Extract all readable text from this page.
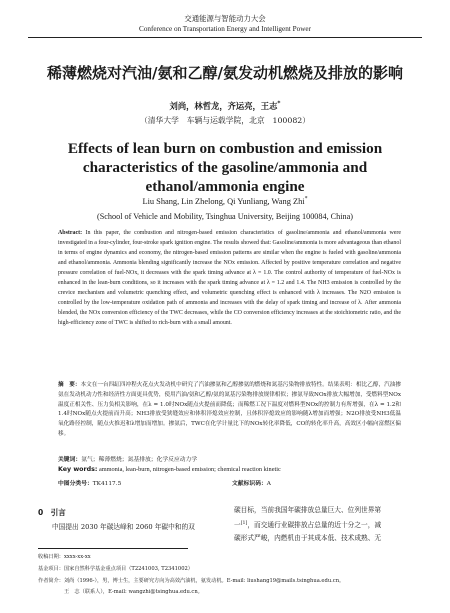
交通能源与智能动力大会
Conference on Transportation Energy and Intelligent Power
稀薄燃烧对汽油/氨和乙醇/氨发动机燃烧及排放的影响
刘尚，林哲龙，齐运亮，王志*
（清华大学　车辆与运载学院，北京　100082）
Effects of lean burn on combustion and emission characteristics of the gasoline/ammonia and ethanol/ammonia engine
Liu Shang, Lin Zhelong, Qi Yunliang, Wang Zhi*
(School of Vehicle and Mobility, Tsinghua University, Beijing 100084, China)
Abstract: In this paper, the combustion and nitrogen-based emission characteristics of gasoline/ammonia and ethanol/ammonia were investigated in a four-cylinder, four-stroke spark ignition engine. The results showed that: Gasoline/ammonia is more advantageous than ethanol in terms of engine dynamics and economy, the nitrogen-based emission patterns are similar when the engine is fueled with gasoline/ammonia and ethanol/ammonia. Ammonia blending significantly increase the NOx emission. Affected by positive temperature correlation and negative pressure correlation of fuel-NOx, it decreases with the spark timing advance at λ = 1.0. The control authority of temperature of fuel-NOx is enhanced in the lean-burn conditions, so it increases with the spark timing advance at λ = 1.2 and 1.4. The NH3 emission is controlled by the crevice mechanism and volumetric quenching effect, and volumetric quenching effect is enhanced with λ increases. The N2O emission is controlled by the low-temperature oxidation path of ammonia and increases with the delay of spark timing and increase of λ. After ammonia blended, the NOx conversion efficiency of the TWC decreases, while the CO conversion efficiency increases at the stoichiometric ratio, and the high-efficiency zone of TWC is shifted to rich-burn with a small amount.
摘　要：本文在一台四缸四冲程火花点火发动机中研究了汽油掺氨和乙醇掺氨的燃烧和氮基污染物排放特性。结果表明：相比乙醇，汽油掺氨在发动机动力性和经济性方面更具优势，使用汽油/氨和乙醇/氨的氮基污染物排放规律相似；掺氨导致NOx排放大幅增加，受燃料型NOx温度正相关性、压力负相关影响，在λ = 1.0时NOx随点火提前而降低；而稀燃工况下温度对燃料型NOx的控制力有所增强，在λ = 1.2和1.4时NOx随点火提前而升高；NH3排放受狭缝效应和体积淬熄效应控制，且体积淬熄效应的影响随λ增加而增强；N2O排放受NH3低温氧化路径控制，随点火推迟和λ增加而增加。掺氨后，TWC在化学计量比下的NOx转化率降低，CO的转化率升高，高效区小幅向富燃区偏移。
关键词：氨气；稀薄燃烧；氮基排放；化学反应动力学
Key words: ammonia, lean-burn, nitrogen-based emission; chemical reaction kinetic
中图分类号：TK4117.5	文献标识码：A
0　引言
中国提出 2030 年碳达峰和 2060 年碳中和的双
碳目标，当前我国年碳排放总量巨大、位列世界第
一[1]，而交通行业碳排放占总量的近十分之一，减
碳形式严峻，内燃机由于其成本低、技术成熟、无
收稿日期：xxxx-xx-xx
基金项目：国家自然科学基金重点项目（T2241003, T2341002）
作者简介：刘尚（1996-），男，博士生，主要研究方向为高效汽油机，氨发动机。E-mail: liushang19@mails.tsinghua.edu.cn。
王　志（联系人），E-mail: wangzhi@tsinghua.edu.cn。
